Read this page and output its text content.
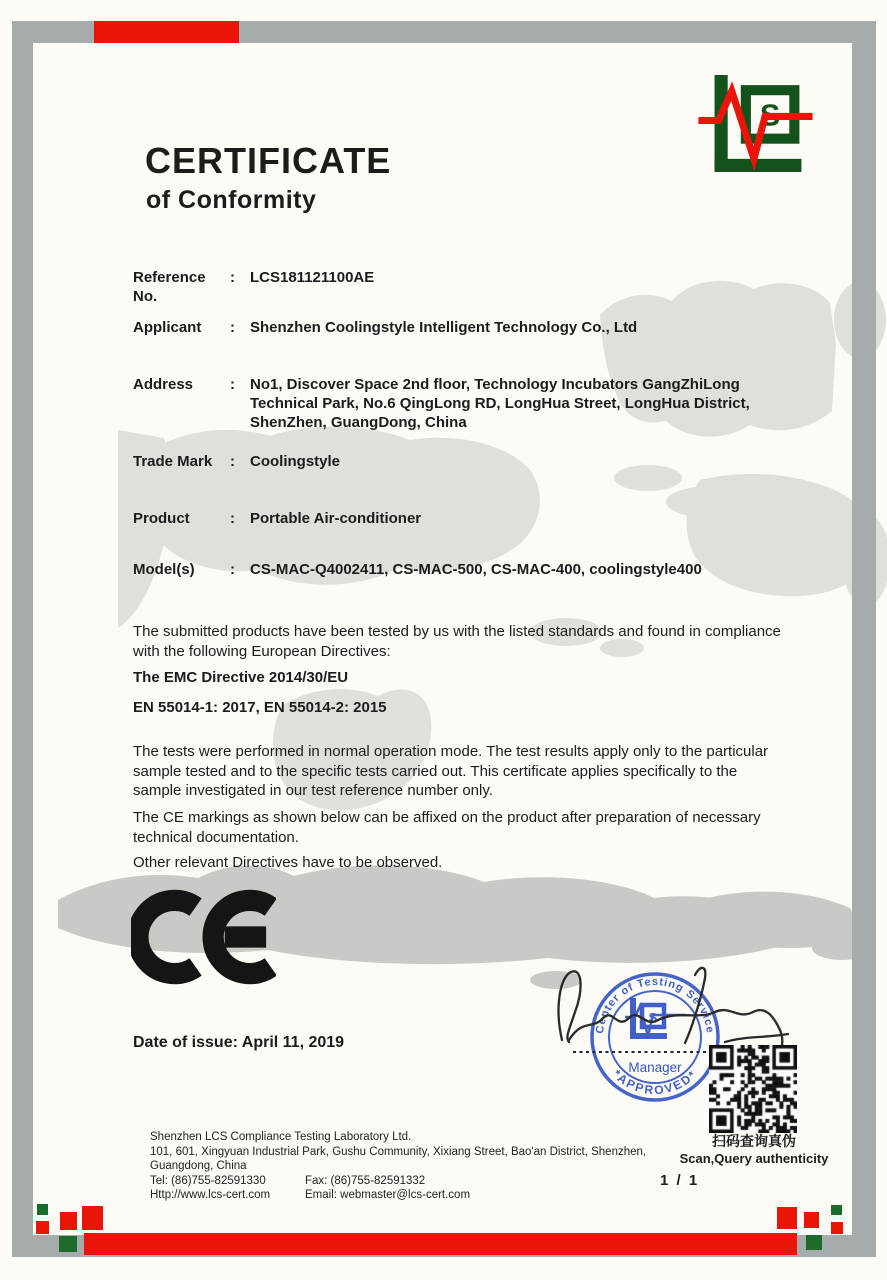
S
CERTIFICATE
of Conformity
Reference No.
:	LCS181121100AE
Applicant	:	Shenzhen Coolingstyle Intelligent Technology Co., Ltd
Address	:	No1, Discover Space 2nd floor, Technology Incubators GangZhiLong Technical Park, No.6 QingLong RD, LongHua Street, LongHua District, ShenZhen, GuangDong, China
Trade Mark	:	Coolingstyle
Product	:	Portable Air-conditioner
Model(s)	:	CS-MAC-Q4002411, CS-MAC-500, CS-MAC-400, coolingstyle400
The submitted products have been tested by us with the listed standards and found in compliance with the following European Directives:
The EMC Directive 2014/30/EU
EN 55014-1: 2017, EN 55014-2: 2015
The tests were performed in normal operation mode. The test results apply only to the particular sample tested and to the specific tests carried out. This certificate applies specifically to the sample investigated in our test reference number only.
The CE markings as shown below can be affixed on the product after preparation of necessary technical documentation.
Other relevant Directives have to be observed.
Date of issue: April 11, 2019
Center of Testing Service
*APPROVED*
S
Manager
扫码查询真伪
Scan,Query authenticity
Shenzhen LCS Compliance Testing Laboratory Ltd.
101, 601, Xingyuan Industrial Park, Gushu Community, Xixiang Street, Bao'an District, Shenzhen,
Guangdong, China
Tel: (86)755-82591330	Fax: (86)755-82591332
Http://www.lcs-cert.com	Email: webmaster@lcs-cert.com
1 / 1
